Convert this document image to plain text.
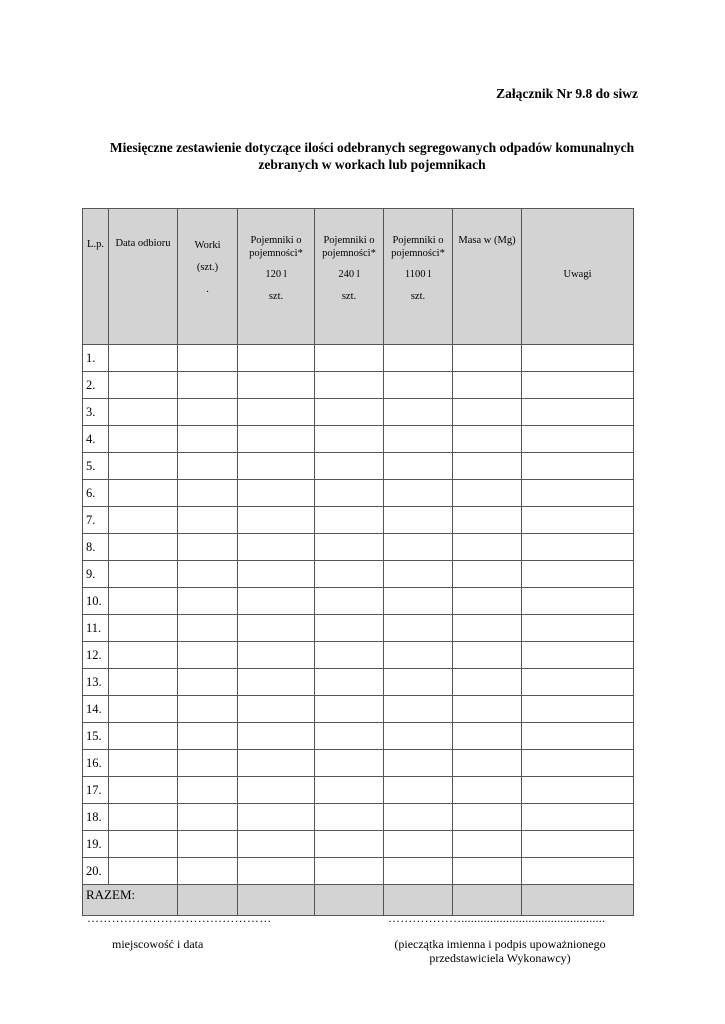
Załącznik Nr 9.8 do siwz
Miesięczne zestawienie dotyczące ilości odebranych segregowanych odpadów komunalnych
zebranych w workach lub pojemnikach
L.p.	Data odbioru	Worki
(szt.)
.	Pojemniki o
pojemności*
120 l
szt.	Pojemniki o
pojemności*
240 l
szt.	Pojemniki o
pojemności*
1100 l
szt.	Masa w (Mg)	Uwagi
1.							
2.							
3.							
4.							
5.							
6.							
7.							
8.							
9.							
10.							
11.							
12.							
13.							
14.							
15.							
16.							
17.							
18.							
19.							
20.							
RAZEM:							
………………………………………	……………….............................................
miejscowość i data	(pieczątka imienna i podpis upoważnionego
przedstawiciela Wykonawcy)
